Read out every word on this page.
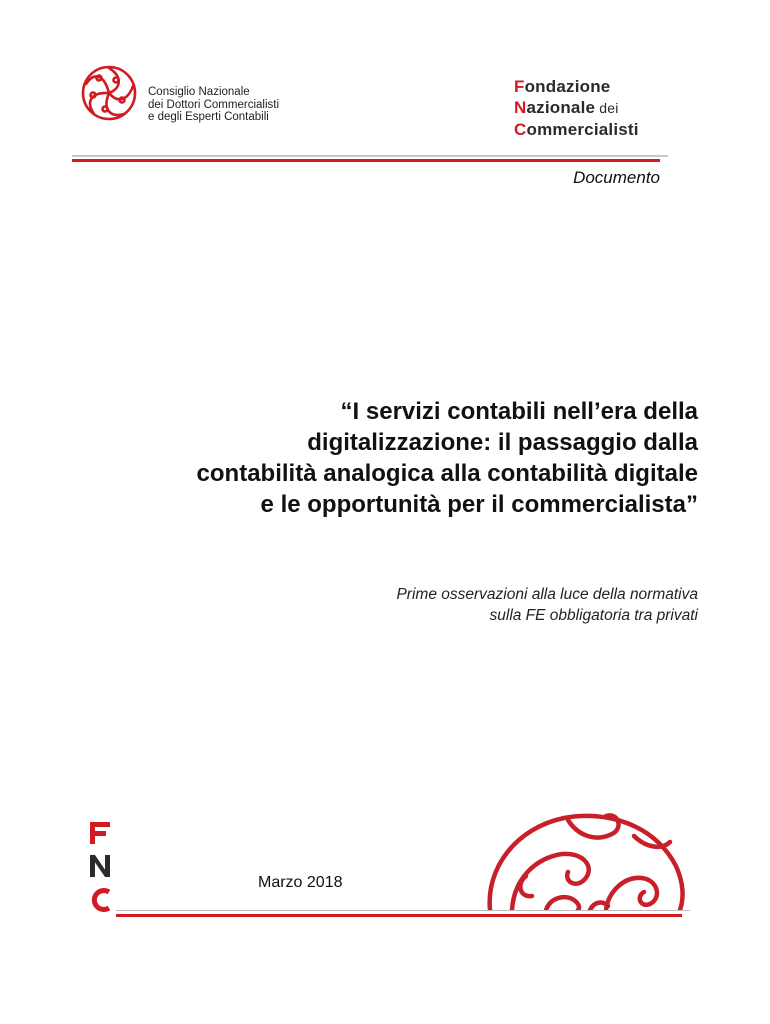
Consiglio Nazionale
dei Dottori Commercialisti
e degli Esperti Contabili
Fondazione
Nazionale dei
Commercialisti
Documento
“I servizi contabili nell’era della
digitalizzazione: il passaggio dalla
contabilità analogica alla contabilità digitale
e le opportunità per il commercialista”
Prime osservazioni alla luce della normativa
sulla FE obbligatoria tra privati
Marzo 2018
